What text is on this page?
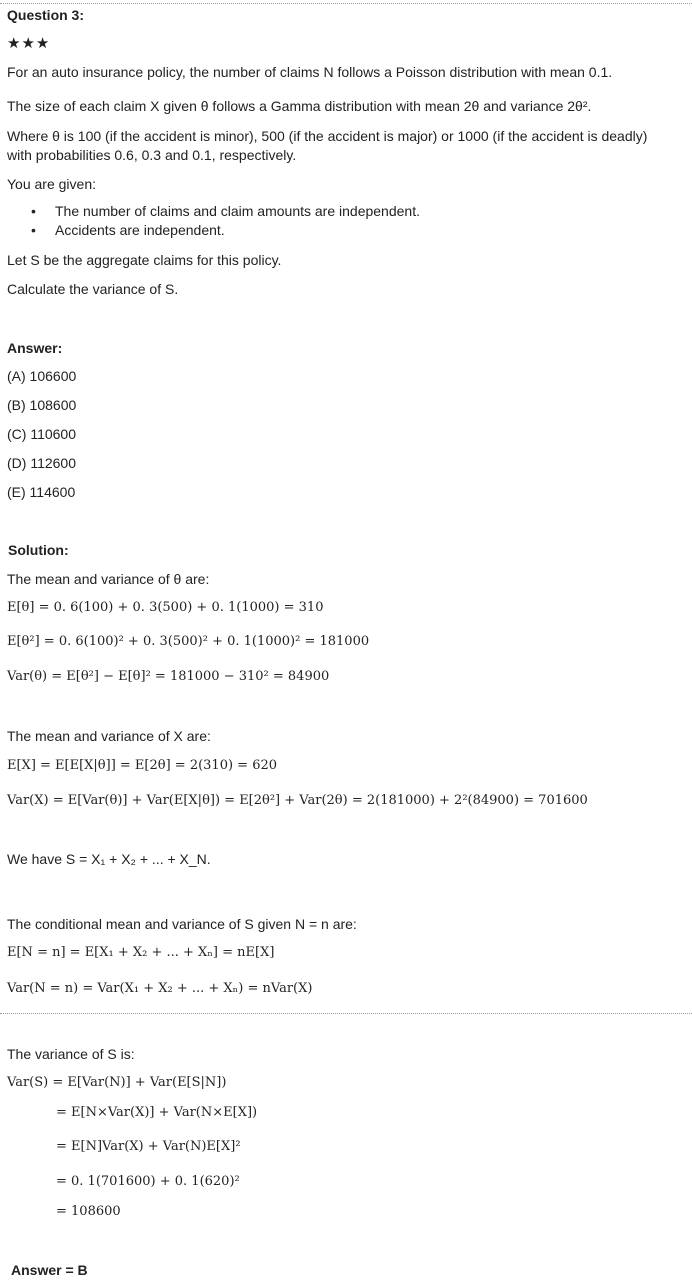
Question 3:
★★★
For an auto insurance policy, the number of claims N follows a Poisson distribution with mean 0.1.
The size of each claim X given θ follows a Gamma distribution with mean 2θ and variance 2θ².
Where θ is 100 (if the accident is minor), 500 (if the accident is major) or 1000 (if the accident is deadly)
with probabilities 0.6, 0.3 and 0.1, respectively.
You are given:
The number of claims and claim amounts are independent.
Accidents are independent.
Let S be the aggregate claims for this policy.
Calculate the variance of S.
Answer:
(A) 106600
(B) 108600
(C) 110600
(D) 112600
(E) 114600
Solution:
The mean and variance of θ are:
E[θ] = 0. 6(100) + 0. 3(500) + 0. 1(1000) = 310
E[θ²] = 0. 6(100)² + 0. 3(500)² + 0. 1(1000)² = 181000
Var(θ) = E[θ²] − E[θ]² = 181000 − 310² = 84900
The mean and variance of X are:
E[X] = E[E[X|θ]] = E[2θ] = 2(310) = 620
Var(X) = E[Var(θ)] + Var(E[X|θ]) = E[2θ²] + Var(2θ) = 2(181000) + 2²(84900) = 701600
We have S = X₁ + X₂ + ... + X_N.
The conditional mean and variance of S given N = n are:
E[N = n] = E[X₁ + X₂ + ... + Xₙ] = nE[X]
Var(N = n) = Var(X₁ + X₂ + ... + Xₙ) = nVar(X)
The variance of S is:
Var(S) = E[Var(N)] + Var(E[S|N])
= E[N×Var(X)] + Var(N×E[X])
= E[N]Var(X) + Var(N)E[X]²
= 0. 1(701600) + 0. 1(620)²
= 108600
Answer = B
